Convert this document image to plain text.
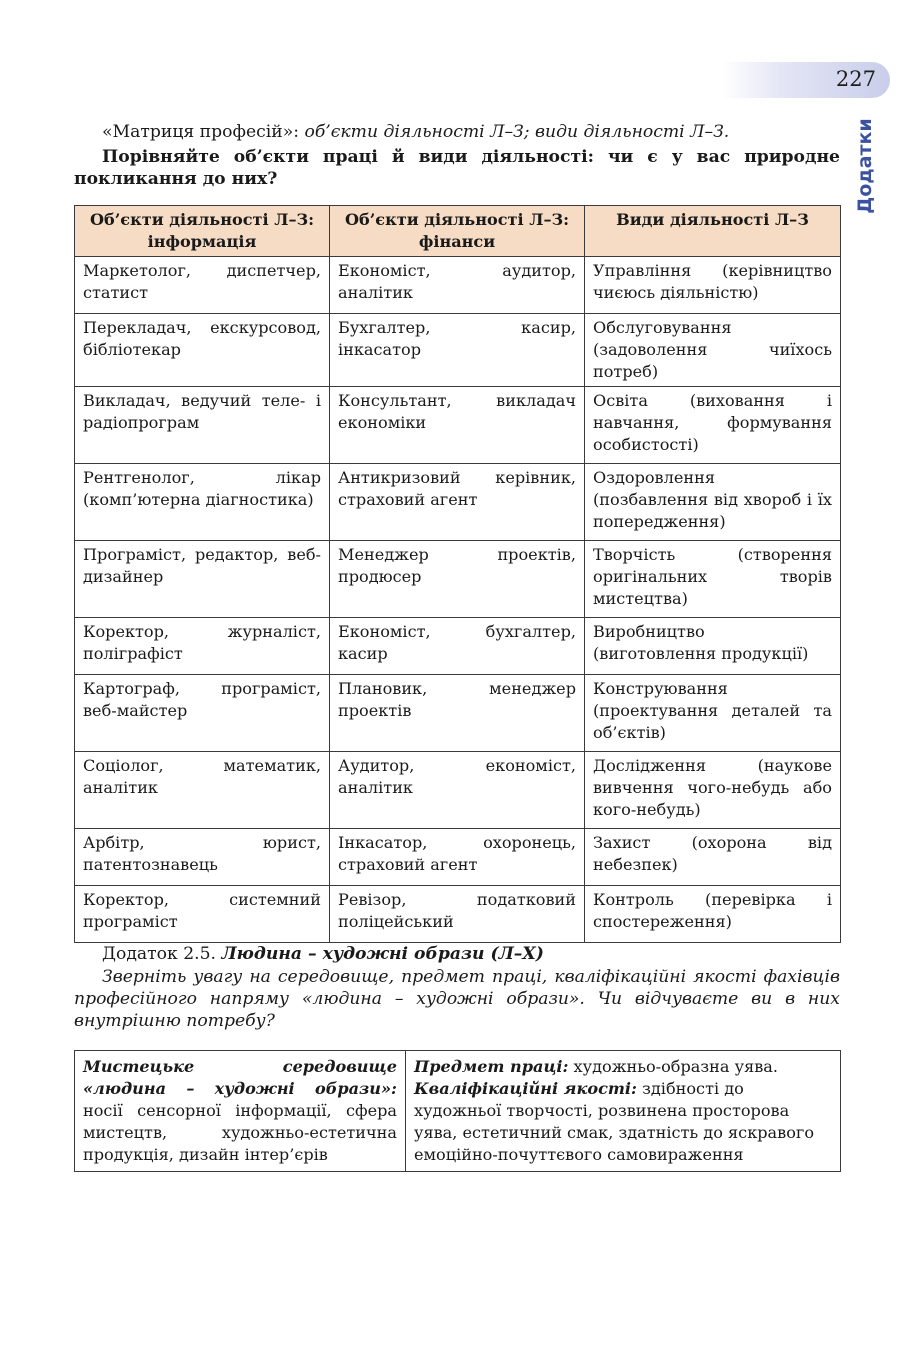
227
Додатки
«Матриця професій»: об’єкти діяльності Л–З; види діяльності Л–З.
Порівняйте об’єкти праці й види діяльності: чи є у вас природне покликання до них?
Об’єкти діяльності Л–З: інформація	Об’єкти діяльності Л–З: фінанси	Види діяльності Л–З
Маркетолог, диспетчер, статист	Економіст, аудитор, аналітик	Управління (керівництво чиєюсь діяльністю)
Перекладач, екскурсовод, бібліотекар	Бухгалтер, касир, інкасатор	Обслуговування (задоволення чиїхось потреб)
Викладач, ведучий теле- і радіопрограм	Консультант, викладач економіки	Освіта (виховання і навчання, формування особистості)
Рентгенолог, лікар (комп’ютерна діагностика)	Антикризовий керівник, страховий агент	Оздоровлення (позбавлення від хвороб і їх попередження)
Програміст, редактор, веб-дизайнер	Менеджер проектів, продюсер	Творчість (створення оригінальних творів мистецтва)
Коректор, журналіст, поліграфіст	Економіст, бухгалтер, касир	Виробництво (виготовлення продукції)
Картограф, програміст, веб-майстер	Плановик, менеджер проектів	Конструювання (проектування деталей та об’єктів)
Соціолог, математик, аналітик	Аудитор, економіст, аналітик	Дослідження (наукове вивчення чого-небудь або кого-небудь)
Арбітр, юрист, патентознавець	Інкасатор, охоронець, страховий агент	Захист (охорона від небезпек)
Коректор, системний програміст	Ревізор, податковий поліцейський	Контроль (перевірка і спостереження)
Додаток 2.5. Людина – художні образи (Л–Х)
Зверніть увагу на середовище, предмет праці, кваліфікаційні якості фахівців професійного напряму «людина – художні образи». Чи відчуваєте ви в них внутрішню потребу?
Мистецьке середовище «людина – художні образи»: носії сенсорної інформації, сфера мистецтв, художньо-естетична продукція, дизайн інтер’єрів	Предмет праці: художньо-образна уява.
Кваліфікаційні якості: здібності до художньої творчості, розвинена просторова уява, естетичний смак, здатність до яскравого емоційно-почуттєвого самовираження
